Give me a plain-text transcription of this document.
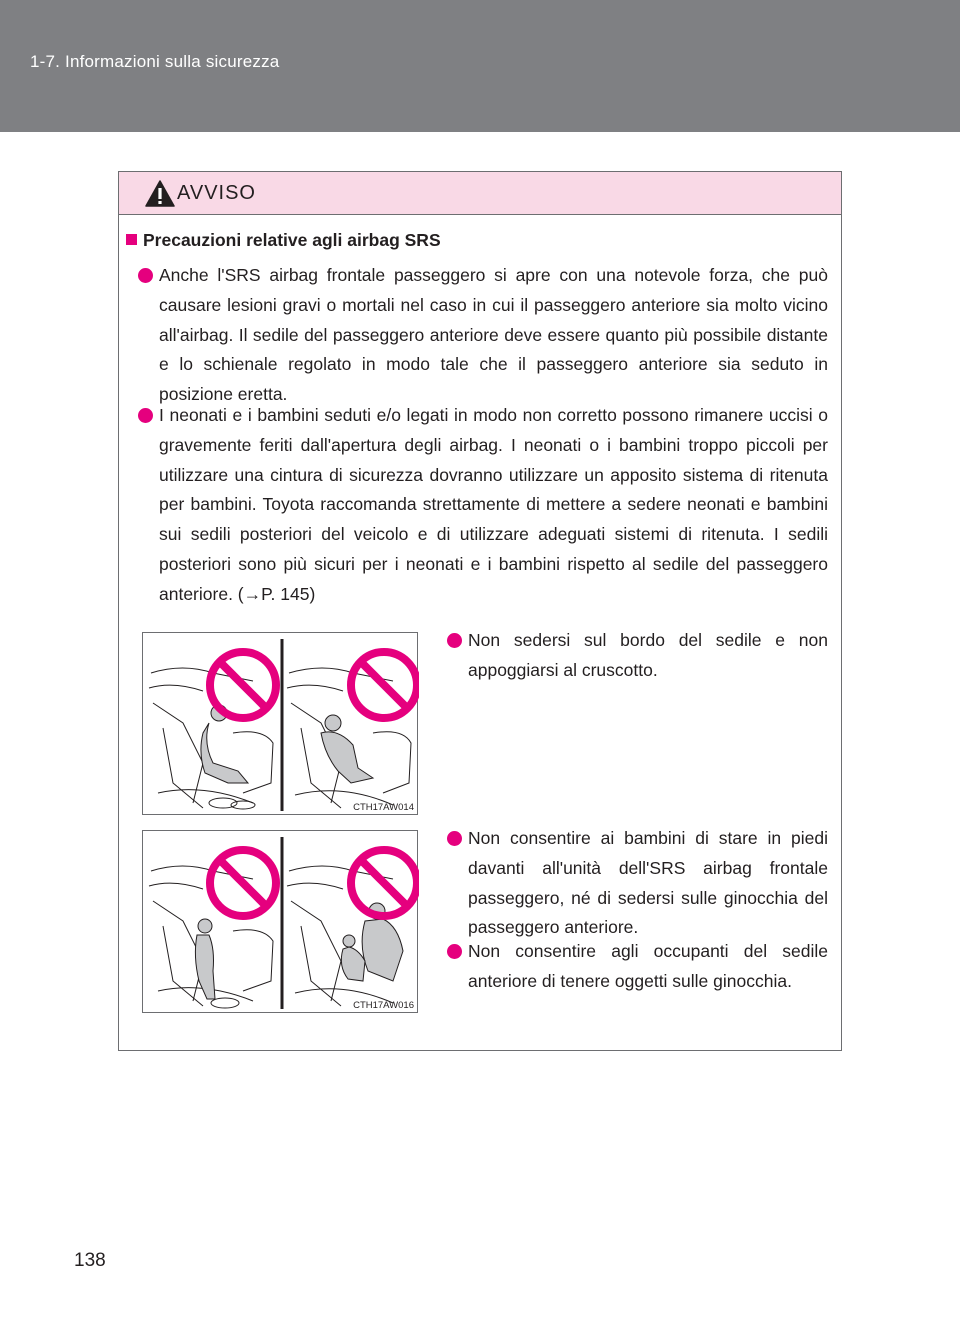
1-7. Informazioni sulla sicurezza
AVVISO
Precauzioni relative agli airbag SRS
Anche l'SRS airbag frontale passeggero si apre con una notevole forza, che può causare lesioni gravi o mortali nel caso in cui il passeggero anteriore sia molto vicino all'airbag. Il sedile del passeggero anteriore deve essere quanto più possibile distante e lo schienale regolato in modo tale che il passeggero anteriore sia seduto in posizione eretta.
I neonati e i bambini seduti e/o legati in modo non corretto possono rimanere uccisi o gravemente feriti dall'apertura degli airbag. I neonati o i bambini troppo piccoli per utilizzare una cintura di sicurezza dovranno utilizzare un apposito sistema di ritenuta per bambini. Toyota raccomanda strettamente di mettere a sedere neonati e bambini sui sedili posteriori del veicolo e di utilizzare adeguati sistemi di ritenuta. I sedili posteriori sono più sicuri per i neonati e i bambini rispetto al sedile del passeggero anteriore. (→P. 145)
Non sedersi sul bordo del sedile e non appoggiarsi al cruscotto.
Non consentire ai bambini di stare in piedi davanti all'unità dell'SRS airbag frontale passeggero, né di sedersi sulle ginocchia del passeggero anteriore.
Non consentire agli occupanti del sedile anteriore di tenere oggetti sulle ginocchia.
CTH17AW014
CTH17AW016
138
